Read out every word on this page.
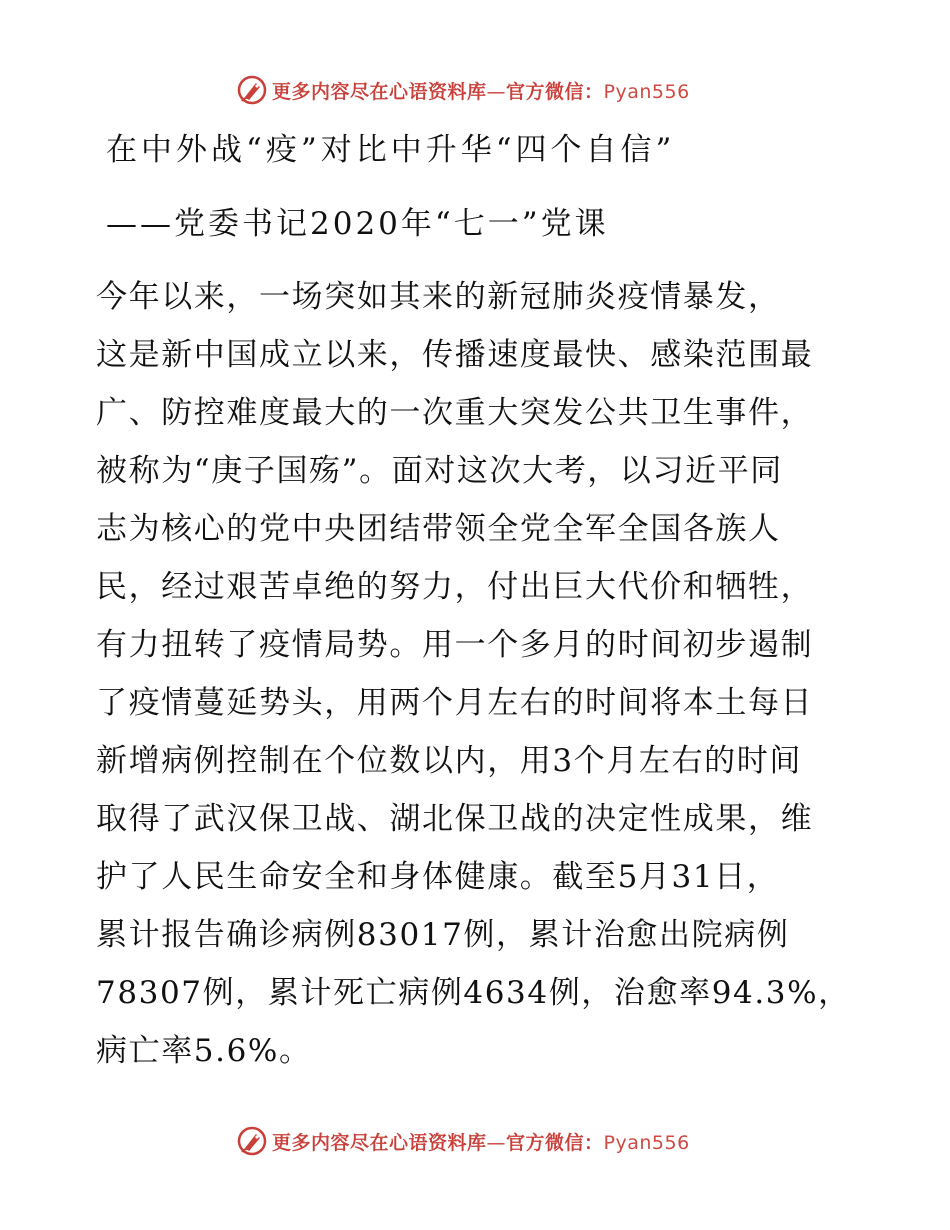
更多内容尽在心语资料库—官方微信：Pyan556
在中外战“疫”对比中升华“四个自信”
——党委书记2020年“七一”党课
今年以来，一场突如其来的新冠肺炎疫情暴发，
这是新中国成立以来，传播速度最快、感染范围最
广、防控难度最大的一次重大突发公共卫生事件，
被称为“庚子国殇”。面对这次大考，以习近平同
志为核心的党中央团结带领全党全军全国各族人
民，经过艰苦卓绝的努力，付出巨大代价和牺牲，
有力扭转了疫情局势。用一个多月的时间初步遏制
了疫情蔓延势头，用两个月左右的时间将本土每日
新增病例控制在个位数以内，用3个月左右的时间
取得了武汉保卫战、湖北保卫战的决定性成果，维
护了人民生命安全和身体健康。截至5月31日，
累计报告确诊病例83017例，累计治愈出院病例
78307例，累计死亡病例4634例，治愈率94.3%，
病亡率5.6%。
更多内容尽在心语资料库—官方微信：Pyan556
